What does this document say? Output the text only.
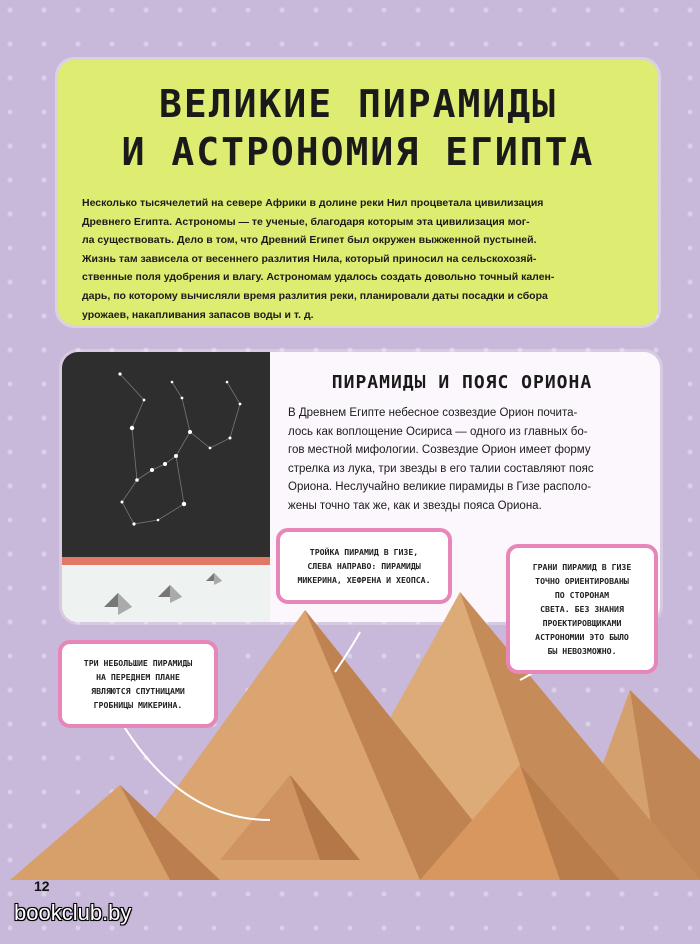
ВЕЛИКИЕ ПИРАМИДЫ
И АСТРОНОМИЯ ЕГИПТА
Несколько тысячелетий на севере Африки в долине реки Нил процветала цивилизация
Древнего Египта. Астрономы — те ученые, благодаря которым эта цивилизация мог-
ла существовать. Дело в том, что Древний Египет был окружен выжженной пустыней.
Жизнь там зависела от весеннего разлития Нила, который приносил на сельскохозяй-
ственные поля удобрения и влагу. Астрономам удалось создать довольно точный кален-
дарь, по которому вычисляли время разлития реки, планировали даты посадки и сбора
урожаев, накапливания запасов воды и т. д.
ПИРАМИДЫ И ПОЯС ОРИОНА
В Древнем Египте небесное созвездие Орион почита-
лось как воплощение Осириса — одного из главных бо-
гов местной мифологии. Созвездие Орион имеет форму
стрелка из лука, три звезды в его талии составляют пояс
Ориона. Неслучайно великие пирамиды в Гизе располо-
жены точно так же, как и звезды пояса Ориона.
ТРОЙКА ПИРАМИД В ГИЗЕ,
СЛЕВА НАПРАВО: ПИРАМИДЫ
МИКЕРИНА, ХЕФРЕНА И ХЕОПСА.
ГРАНИ ПИРАМИД В ГИЗЕ
ТОЧНО ОРИЕНТИРОВАНЫ
ПО СТОРОНАМ
СВЕТА. БЕЗ ЗНАНИЯ
ПРОЕКТИРОВЩИКАМИ
АСТРОНОМИИ ЭТО БЫЛО
БЫ НЕВОЗМОЖНО.
ТРИ НЕБОЛЬШИЕ ПИРАМИДЫ
НА ПЕРЕДНЕМ ПЛАНЕ
ЯВЛЯЮТСЯ СПУТНИЦАМИ
ГРОБНИЦЫ МИКЕРИНА.
12
bookclub.by
